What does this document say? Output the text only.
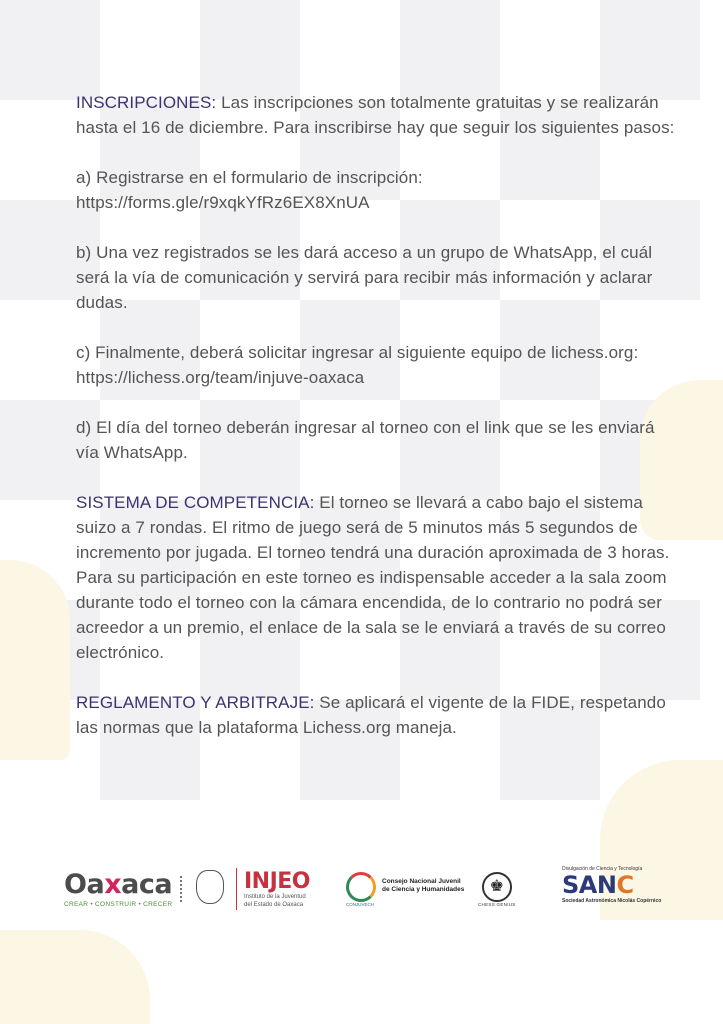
INSCRIPCIONES: Las inscripciones son totalmente gratuitas y se realizarán hasta el 16 de diciembre. Para inscribirse hay que seguir los siguientes pasos:

a) Registrarse en el formulario de inscripción:
https://forms.gle/r9xqkYfRz6EX8XnUA

b) Una vez registrados se les dará acceso a un grupo de WhatsApp, el cuál será la vía de comunicación y servirá para recibir más información y aclarar dudas.

c) Finalmente, deberá solicitar ingresar al siguiente equipo de lichess.org: https://lichess.org/team/injuve-oaxaca

d) El día del torneo deberán ingresar al torneo con el link que se les enviará vía WhatsApp.

SISTEMA DE COMPETENCIA: El torneo se llevará a cabo bajo el sistema suizo a 7 rondas. El ritmo de juego será de 5 minutos más 5 segundos de incremento por jugada. El torneo tendrá una duración aproximada de 3 horas. Para su participación en este torneo es indispensable acceder a la sala zoom durante todo el torneo con la cámara encendida, de lo contrario no podrá ser acreedor a un premio, el enlace de la sala se le enviará a través de su correo electrónico.

REGLAMENTO Y ARBITRAJE: Se aplicará el vigente de la FIDE, respetando las normas que la plataforma Lichess.org maneja.

Oaxaca
CREAR • CONSTRUIR • CRECER
INJEO
Instituto de la Juventud
del Estado de Oaxaca	CONJUVECH
Consejo Nacional Juvenil
de Ciencia y Humanidades	♚
CHESS GENIUS
Divulgación de Ciencia y Tecnología
SANC
Sociedad Astronómica Nicolás Copérnico
